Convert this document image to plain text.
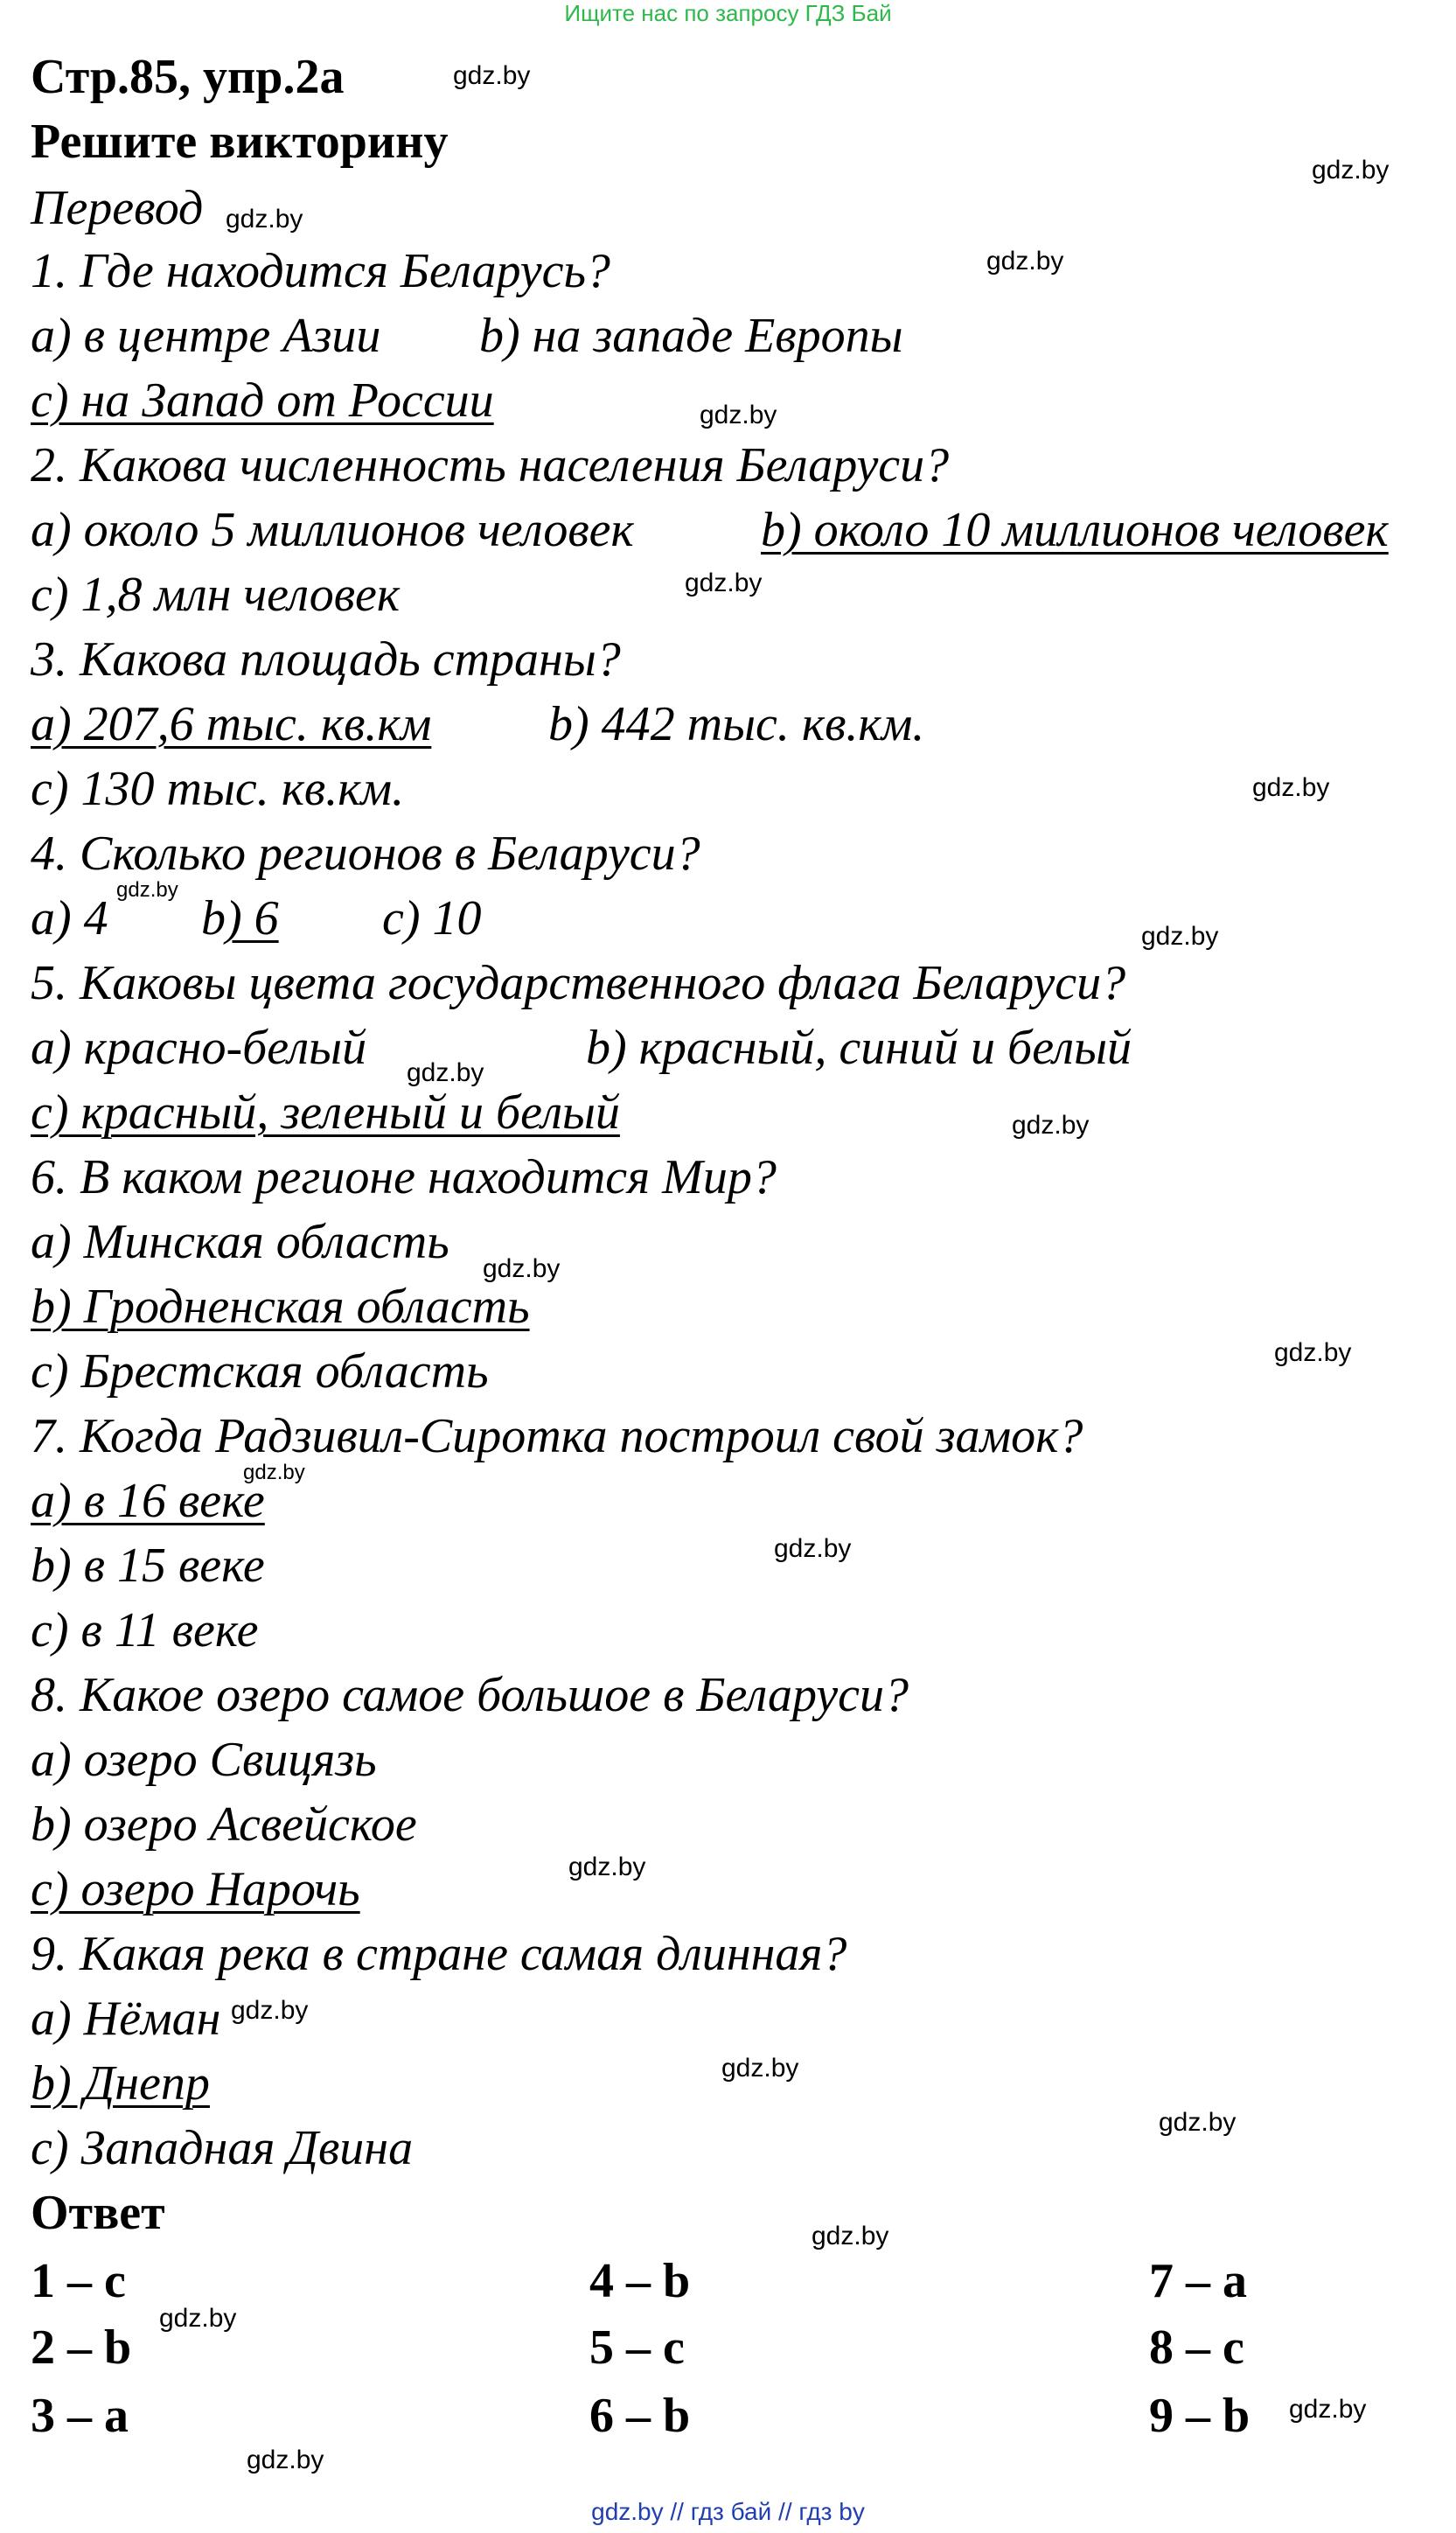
Ищите нас по запросу ГДЗ Бай
Стр.85, упр.2а
Решите викторину
Перевод
1. Где находится Беларусь?
a) в центре Азии b) на западе Европы
c) на Запад от России
2. Какова численность населения Беларуси?
a) около 5 миллионов человек	b) около 10 миллионов человек
c) 1,8 млн человек
3. Какова площадь страны?
a) 207,6 тыс. кв.км b) 442 тыс. кв.км.
c) 130 тыс. кв.км.
4. Сколько регионов в Беларуси?
a) 4 b) 6 c) 10
5. Каковы цвета государственного флага Беларуси?
a) красно-белый	b) красный, синий и белый
c) красный, зеленый и белый
6. В каком регионе находится Мир?
a) Минская область
b) Гродненская область
c) Брестская область
7. Когда Радзивил-Сиротка построил свой замок?
a) в 16 веке
b) в 15 веке
c) в 11 веке
8. Какое озеро самое большое в Беларуси?
a) озеро Свицязь
b) озеро Асвейское
c) озеро Нарочь
9. Какая река в стране самая длинная?
a) Нёман
b) Днепр
c) Западная Двина
Ответ
1 – c
2 – b
3 – a
4 – b
5 – c
6 – b
7 – a
8 – c
9 – b
gdz.by
gdz.by
gdz.by
gdz.by
gdz.by
gdz.by
gdz.by
gdz.by
gdz.by
gdz.by
gdz.by
gdz.by
gdz.by
gdz.by
gdz.by
gdz.by
gdz.by
gdz.by
gdz.by
gdz.by
gdz.by
gdz.by
gdz.by
gdz.by // гдз бай // гдз by
